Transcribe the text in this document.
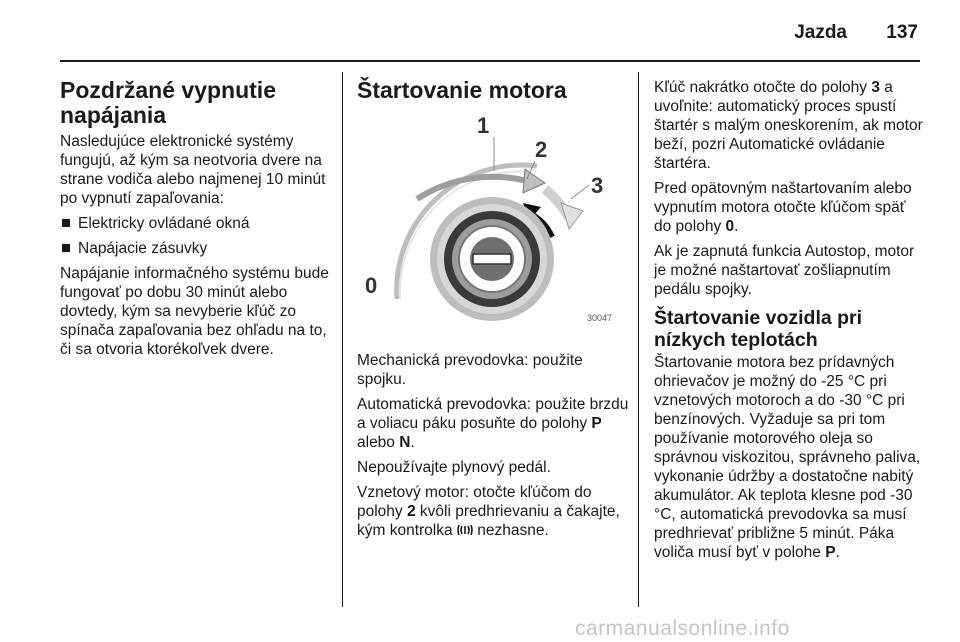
Jazda 137
Pozdržané vypnutie napájania

Nasledujúce elektronické systémy fungujú, až kým sa neotvoria dvere na strane vodiča alebo najmenej 10 minút po vypnutí zapaľovania:

Elektricky ovládané okná
Napájacie zásuvky

Napájanie informačného systému bude fungovať po dobu 30 minút alebo dovtedy, kým sa nevyberie kľúč zo spínača zapaľovania bez ohľadu na to, či sa otvoria ktorékoľvek dvere.

Štartovanie motora
1
2
3
0
30047

Mechanická prevodovka: použite spojku.

Automatická prevodovka: použite brzdu a voliacu páku posuňte do polohy P alebo N.

Nepoužívajte plynový pedál.

Vznetový motor: otočte kľúčom do polohy 2 kvôli predhrievaniu a čakajte, kým kontrolka  nezhasne.

Kľúč nakrátko otočte do polohy 3 a uvoľnite: automatický proces spustí štartér s malým oneskorením, ak motor beží, pozri Automatické ovládanie štartéra.

Pred opätovným naštartovaním alebo vypnutím motora otočte kľúčom späť do polohy 0.

Ak je zapnutá funkcia Autostop, motor je možné naštartovať zošliapnutím pedálu spojky.

Štartovanie vozidla pri nízkych teplotách

Štartovanie motora bez prídavných ohrievačov je možný do -25 °C pri vznetových motoroch a do -30 °C pri benzínových. Vyžaduje sa pri tom používanie motorového oleja so správnou viskozitou, správneho paliva, vykonanie údržby a dostatočne nabitý akumulátor. Ak teplota klesne pod -30 °C, automatická prevodovka sa musí predhrievať približne 5 minút. Páka voliča musí byť v polohe P.

carmanualsonline.info
